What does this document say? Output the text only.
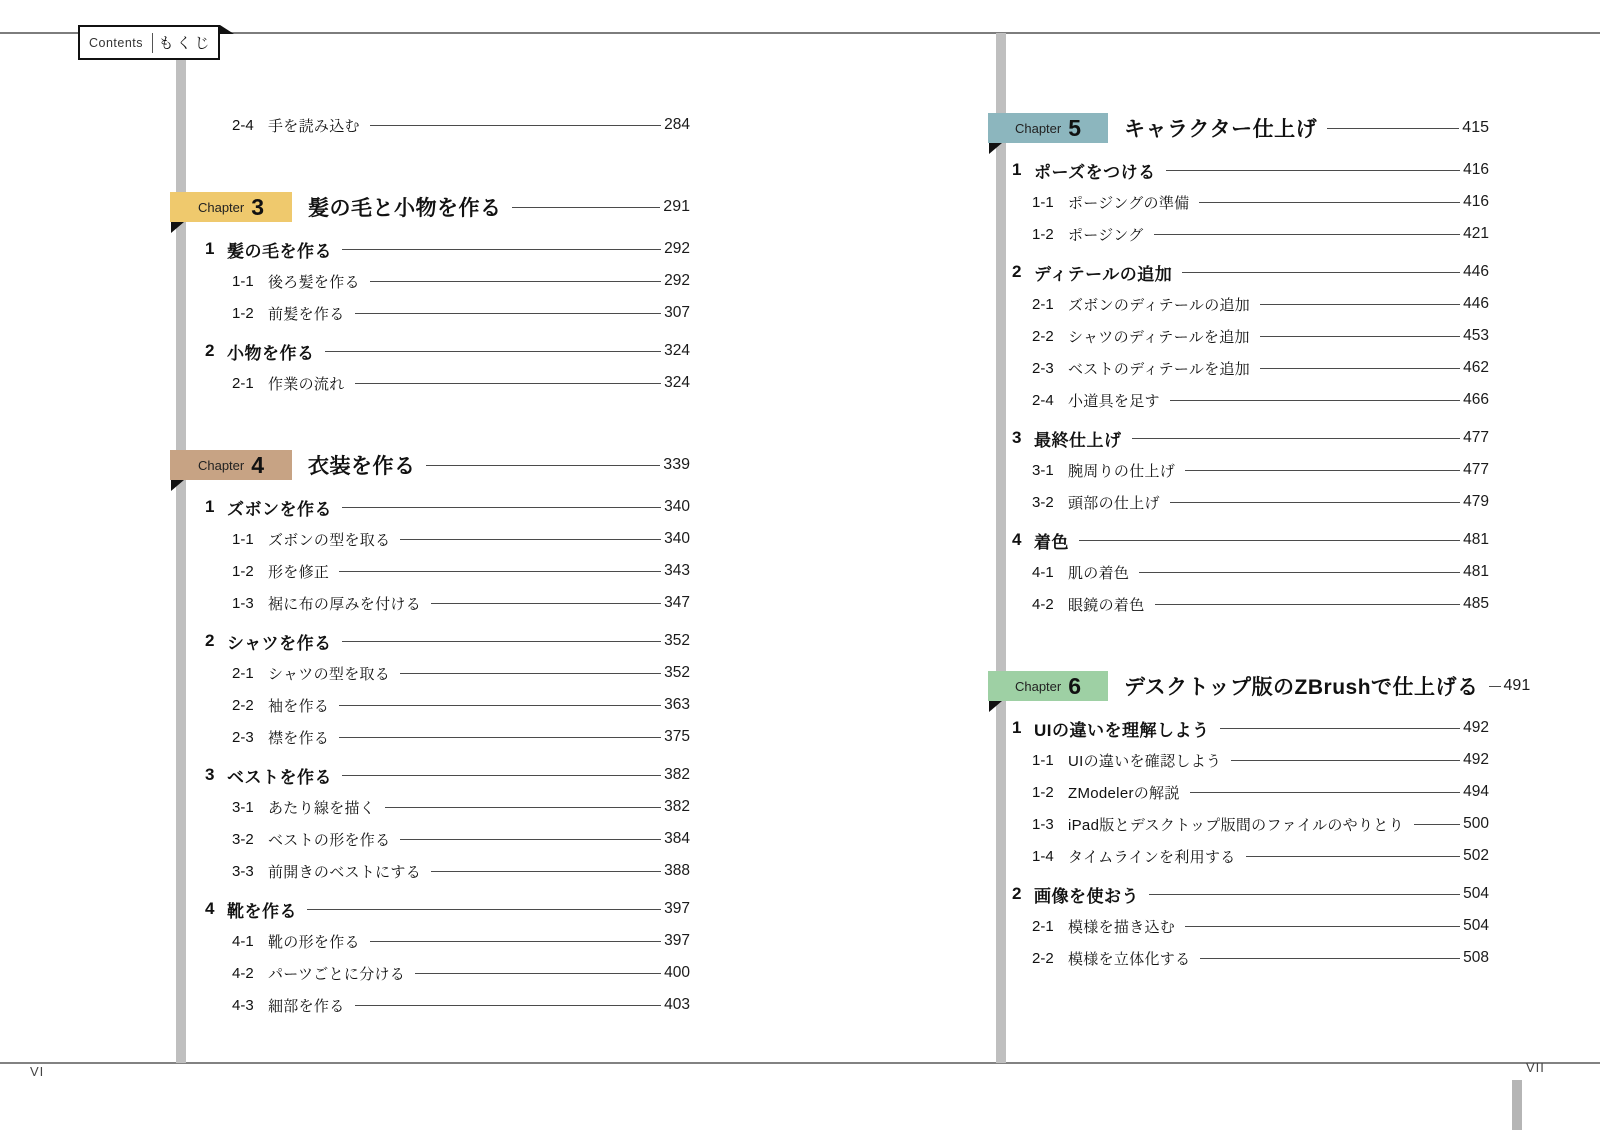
Contents	もくじ
2-4 手を読み込む	284
Chapter 3 髪の毛と小物を作る	291
1 髪の毛を作る	292
1-1 後ろ髪を作る	292
1-2 前髪を作る	307
2 小物を作る	324
2-1 作業の流れ	324
Chapter 4 衣装を作る	339
1 ズボンを作る	340
1-1 ズボンの型を取る	340
1-2 形を修正	343
1-3 裾に布の厚みを付ける	347
2 シャツを作る	352
2-1 シャツの型を取る	352
2-2 袖を作る	363
2-3 襟を作る	375
3 ベストを作る	382
3-1 あたり線を描く	382
3-2 ベストの形を作る	384
3-3 前開きのベストにする	388
4 靴を作る	397
4-1 靴の形を作る	397
4-2 パーツごとに分ける	400
4-3 細部を作る	403
Chapter 5 キャラクター仕上げ	415
1 ポーズをつける	416
1-1 ポージングの準備	416
1-2 ポージング	421
2 ディテールの追加	446
2-1 ズボンのディテールの追加	446
2-2 シャツのディテールを追加	453
2-3 ベストのディテールを追加	462
2-4 小道具を足す	466
3 最終仕上げ	477
3-1 腕周りの仕上げ	477
3-2 頭部の仕上げ	479
4 着色	481
4-1 肌の着色	481
4-2 眼鏡の着色	485
Chapter 6 デスクトップ版のZBrushで仕上げる 491
1 UIの違いを理解しよう	492
1-1 UIの違いを確認しよう	492
1-2 ZModelerの解説	494
1-3 iPad版とデスクトップ版間のファイルのやりとり	500
1-4 タイムラインを利用する	502
2 画像を使おう	504
2-1 模様を描き込む	504
2-2 模様を立体化する	508
VI	VII
